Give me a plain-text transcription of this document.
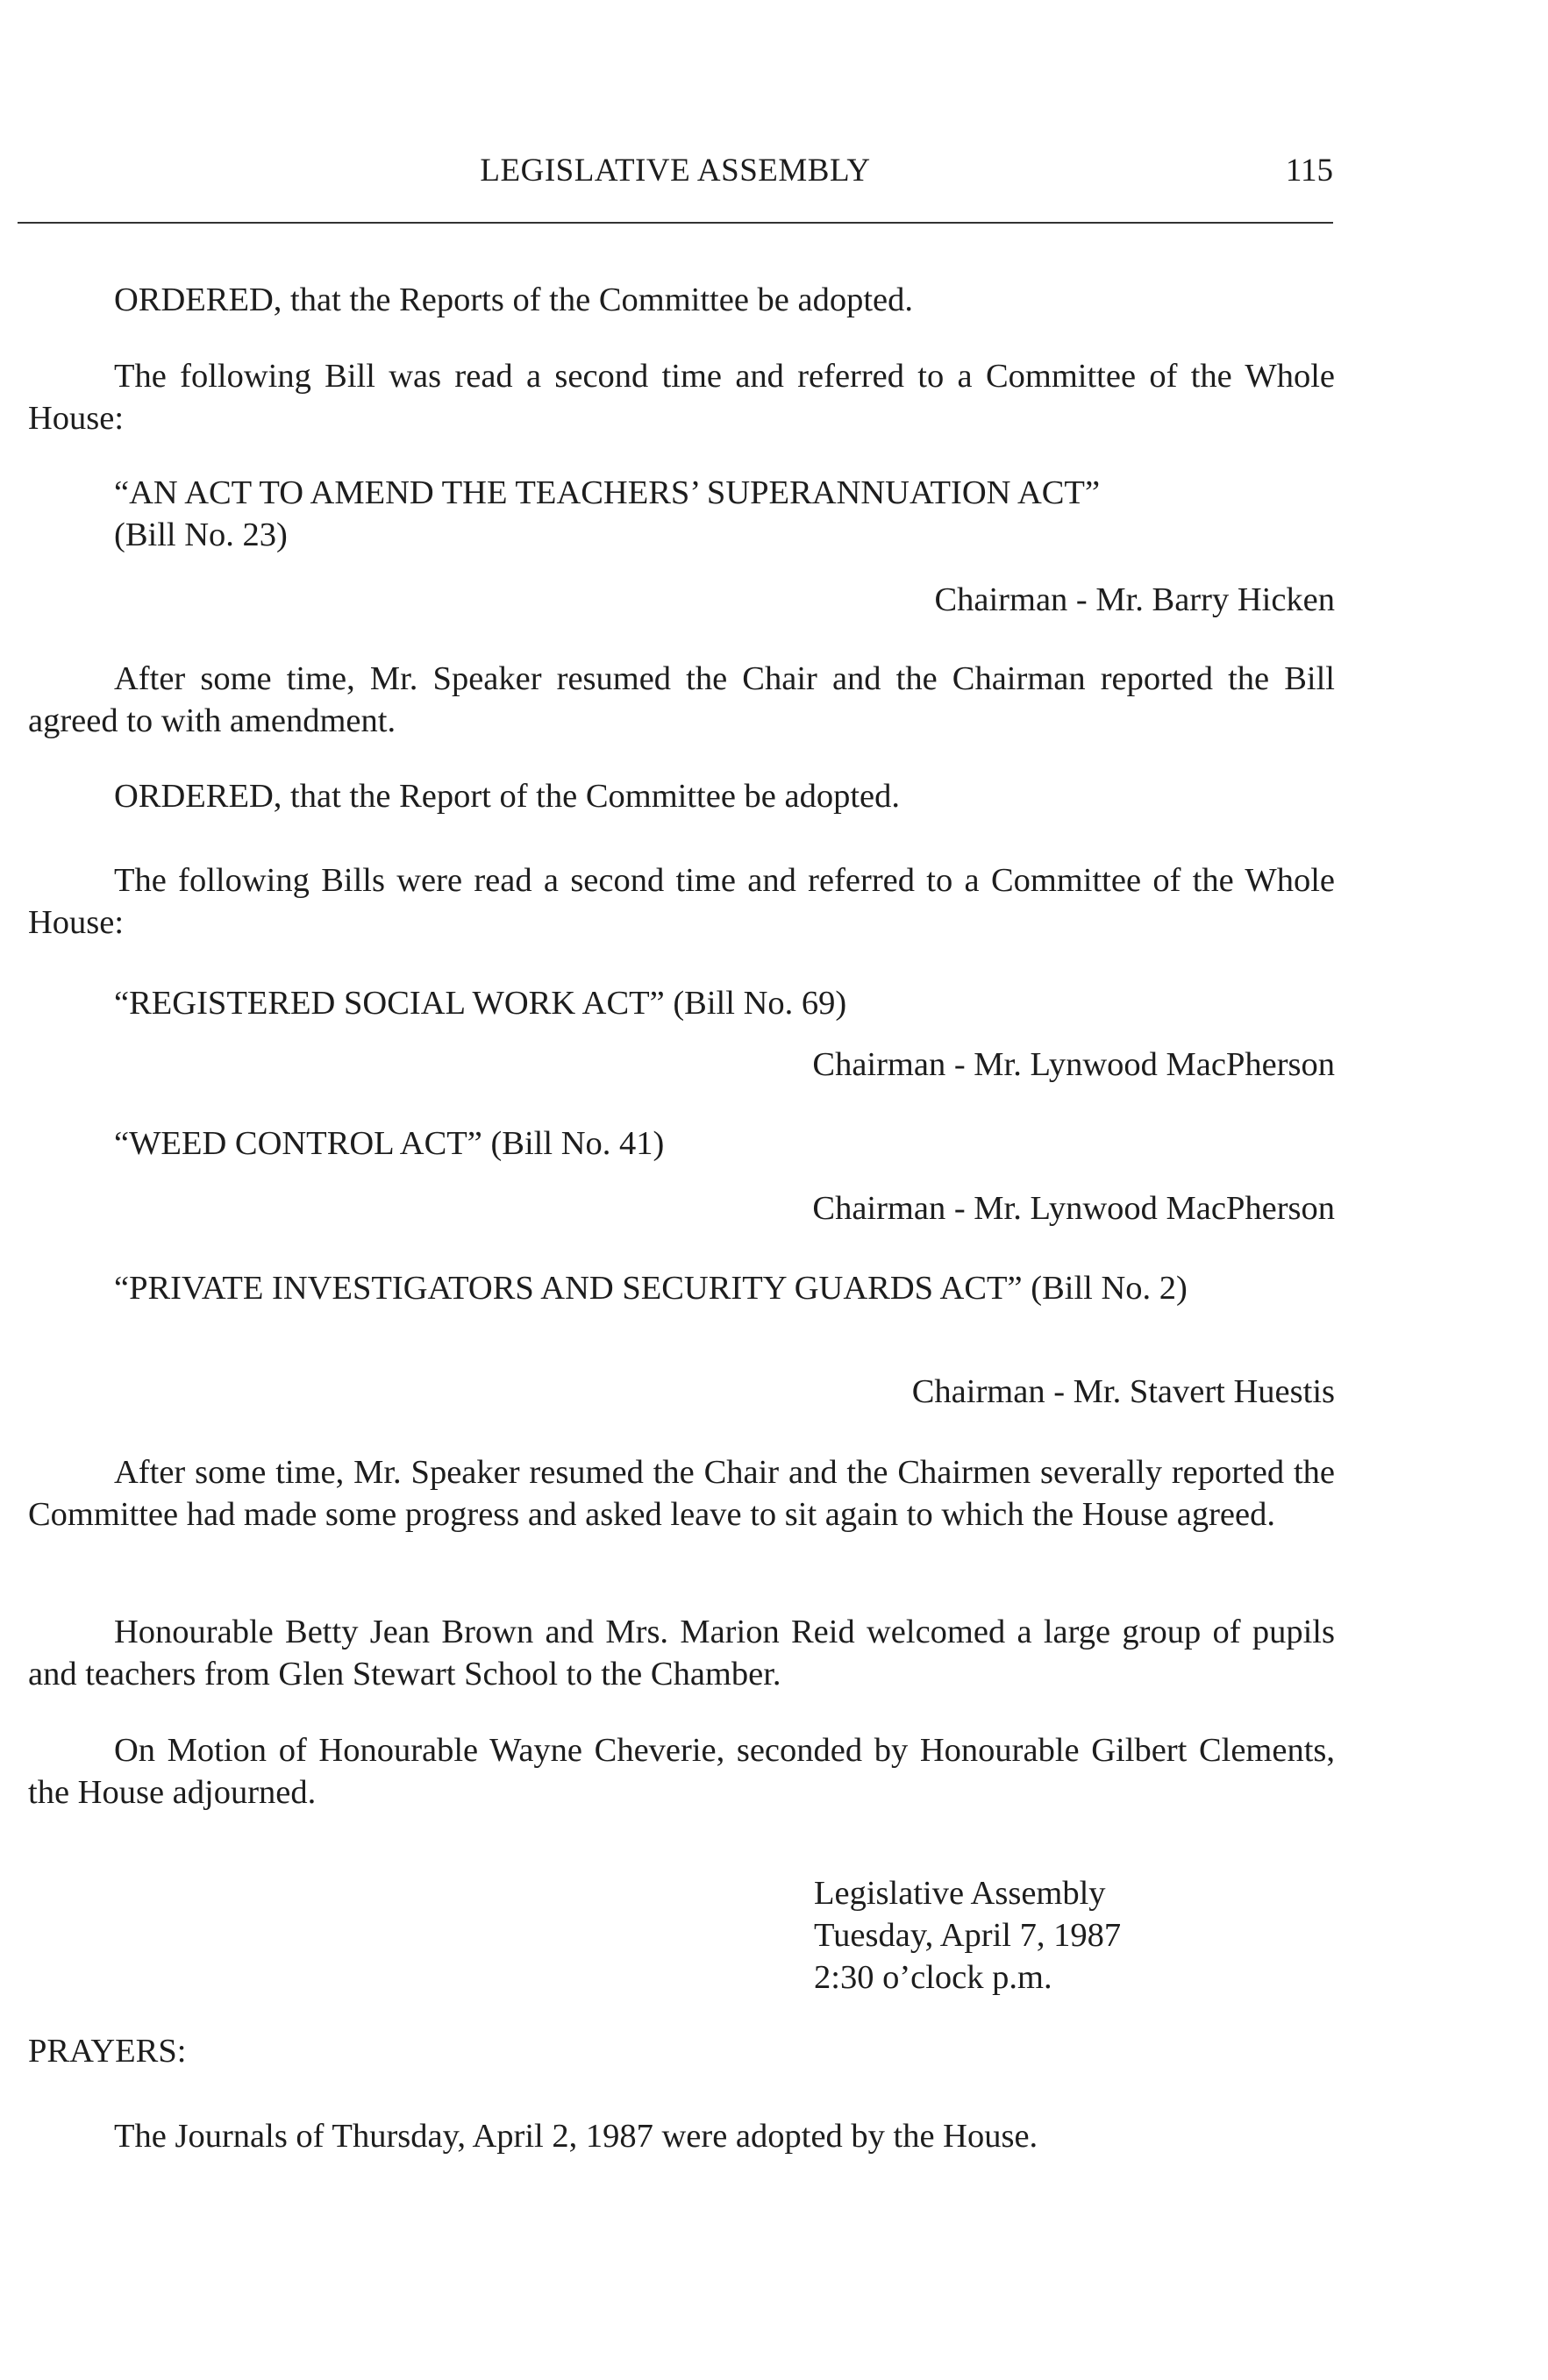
LEGISLATIVE ASSEMBLY	115
ORDERED, that the Reports of the Committee be adopted.
The following Bill was read a second time and referred to a Committee of the Whole House:
“AN ACT TO AMEND THE TEACHERS’ SUPERANNUATION ACT”
(Bill No. 23)
Chairman - Mr. Barry Hicken
After some time, Mr. Speaker resumed the Chair and the Chairman reported the Bill agreed to with amendment.
ORDERED, that the Report of the Committee be adopted.
The following Bills were read a second time and referred to a Committee of the Whole House:
“REGISTERED SOCIAL WORK ACT” (Bill No. 69)
Chairman - Mr. Lynwood MacPherson
“WEED CONTROL ACT” (Bill No. 41)
Chairman - Mr. Lynwood MacPherson
“PRIVATE INVESTIGATORS AND SECURITY GUARDS ACT” (Bill No. 2)
Chairman - Mr. Stavert Huestis
After some time, Mr. Speaker resumed the Chair and the Chairmen severally reported the Committee had made some progress and asked leave to sit again to which the House agreed.
Honourable Betty Jean Brown and Mrs. Marion Reid welcomed a large group of pupils and teachers from Glen Stewart School to the Chamber.
On Motion of Honourable Wayne Cheverie, seconded by Honourable Gilbert Clements, the House adjourned.
Legislative Assembly
Tuesday, April 7, 1987
2:30 o’clock p.m.
PRAYERS:
The Journals of Thursday, April 2, 1987 were adopted by the House.
